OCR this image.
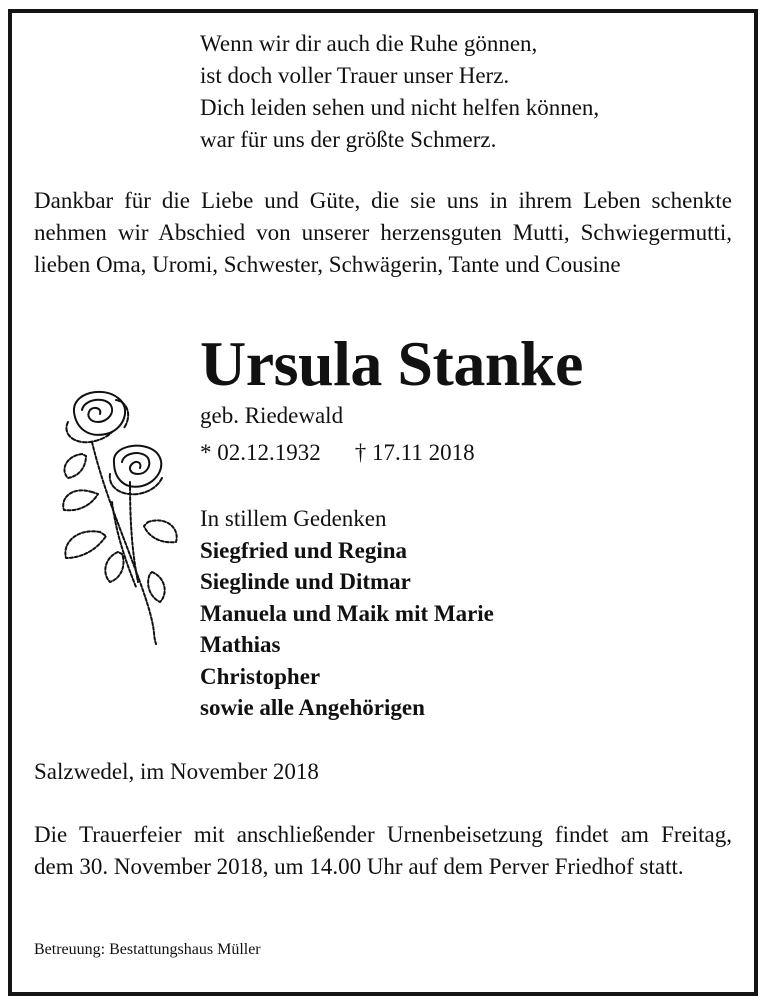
Wenn wir dir auch die Ruhe gönnen,
ist doch voller Trauer unser Herz.
Dich leiden sehen und nicht helfen können,
war für uns der größte Schmerz.
Dankbar für die Liebe und Güte, die sie uns in ihrem Leben schenkte nehmen wir Abschied von unserer herzensguten Mutti, Schwiegermutti, lieben Oma, Uromi, Schwester, Schwägerin, Tante und Cousine
Ursula Stanke
geb. Riedewald
* 02.12.1932 † 17.11 2018
In stillem Gedenken
Siegfried und Regina
Sieglinde und Ditmar
Manuela und Maik mit Marie
Mathias
Christopher
sowie alle Angehörigen
Salzwedel, im November 2018
Die Trauerfeier mit anschließender Urnenbeisetzung findet am Freitag, dem 30. November 2018, um 14.00 Uhr auf dem Perver Friedhof statt.
Betreuung: Bestattungshaus Müller
